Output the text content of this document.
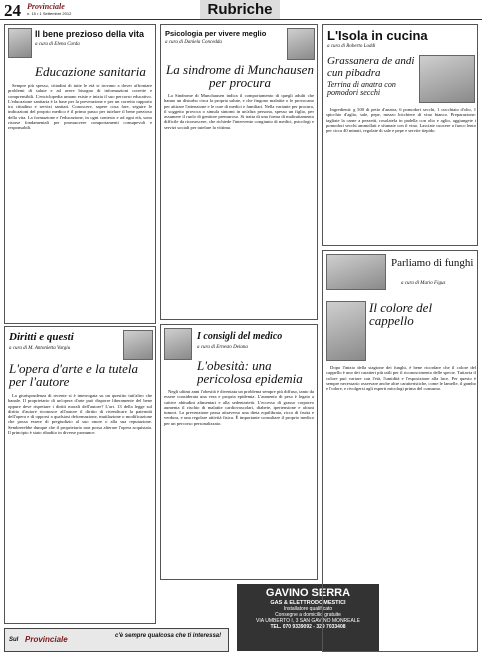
24 Provinciale
n. 15 • 1 Settembre 2012	Rubriche
Il bene prezioso della vita
a cura di Elena Corda
Educazione sanitaria

Sempre più spesso, cittadini di tutte le età si trovano a dover affrontare problemi di salute e ad avere bisogno di informazioni corrette e comprensibili. L'enciclopedia umano esiste e inizia il suo percorso educativo. L'educazione sanitaria è la base per la prevenzione e per un corretto rapporto tra cittadino e servizi sanitari. Conoscere, sapere cosa fare, seguire le indicazioni del proprio medico è il primo passo per tutelare il bene prezioso della vita. La formazione e l'educazione, in ogni contesto e ad ogni età, sono risorse fondamentali per promuovere comportamenti consapevoli e responsabili.

Diritti e questi
a cura di M. Antonietta Vargiu
L'opera d'arte e la tutela per l'autore

La giurisprudenza di recente si è interrogata su un questito tutt'altro che banale. Il proprietario di un'opera d'arte può disporre liberamente del bene oppure deve rispettare i diritti morali dell'autore? L'art. 13 della legge sul diritto d'autore riconosce all'autore il diritto di rivendicare la paternità dell'opera e di opporsi a qualsiasi deformazione, mutilazione o modificazione che possa essere di pregiudizio al suo onore o alla sua reputazione. Sembrerebbe dunque che il proprietario non possa alterare l'opera acquistata. Il principio è stato ribadito in diverse pronunce.

Sul Provinciale	c'è sempre qualcosa che ti interessa!
Psicologia per vivere meglio
a cura di Daniela Concedda
La sindrome di Munchausen per procura

La Sindrome di Munchausen indica il comportamento di quegli adulti che hanno un disturbo circa la propria salute, e che fingono malattie o le provocano per attirare l'attenzione e le cure di medici e familiari. Nella variante per procura, il soggetto provoca o simula sintomi in un'altra persona, spesso un figlio, per assumere il ruolo di genitore premuroso. Si tratta di una forma di maltrattamento difficile da riconoscere, che richiede l'intervento congiunto di medici, psicologi e servizi sociali per tutelare la vittima.

I consigli del medico
a cura di Ernesto Deiana
L'obesità: una pericolosa epidemia

Negli ultimi anni l'obesità è diventata un problema sempre più diffuso, tanto da essere considerata una vera e propria epidemia. L'aumento di peso è legato a cattive abitudini alimentari e alla sedentarietà. L'eccesso di grasso corporeo aumenta il rischio di malattie cardiovascolari, diabete, ipertensione e alcuni tumori. La prevenzione passa attraverso una dieta equilibrata, ricca di frutta e verdura, e una regolare attività fisica. È importante consultare il proprio medico per un percorso personalizzato.

GAVINO SERRA
GAS & ELETTRODOMESTICI
Installatore qualificato
Consegne a domicilio gratuite
VIA UMBERTO I, 3 SAN GAVINO MONREALE
TEL. 070 9339092 - 329 7033408
L'Isola in cucina
a cura di Roberto Loddi
Grassanera de andi cun pibadra
Terrina di anatra con pomodori secchi

Ingredienti: g 500 di petto d'anatra, 6 pomodori secchi, 1 cucchiaio d'olio, 1 spicchio d'aglio, sale, pepe, mezzo bicchiere di vino bianco. Preparazione: tagliate la carne a pezzetti, rosolatela in padella con olio e aglio, aggiungete i pomodori secchi ammollati e sfumate con il vino. Lasciate cuocere a fuoco lento per circa 40 minuti, regolate di sale e pepe e servite tiepido.

Parliamo di funghi
a cura di Mario Figus
Il colore del cappello

Dopo l'inizio della stagione dei funghi, è bene ricordare che il colore del cappello è uno dei caratteri più utili per il riconoscimento delle specie. Tuttavia il colore può variare con l'età, l'umidità e l'esposizione alla luce. Per questo è sempre necessario osservare anche altre caratteristiche, come le lamelle, il gambo e l'odore, e rivolgersi agli esperti micologi prima del consumo.
